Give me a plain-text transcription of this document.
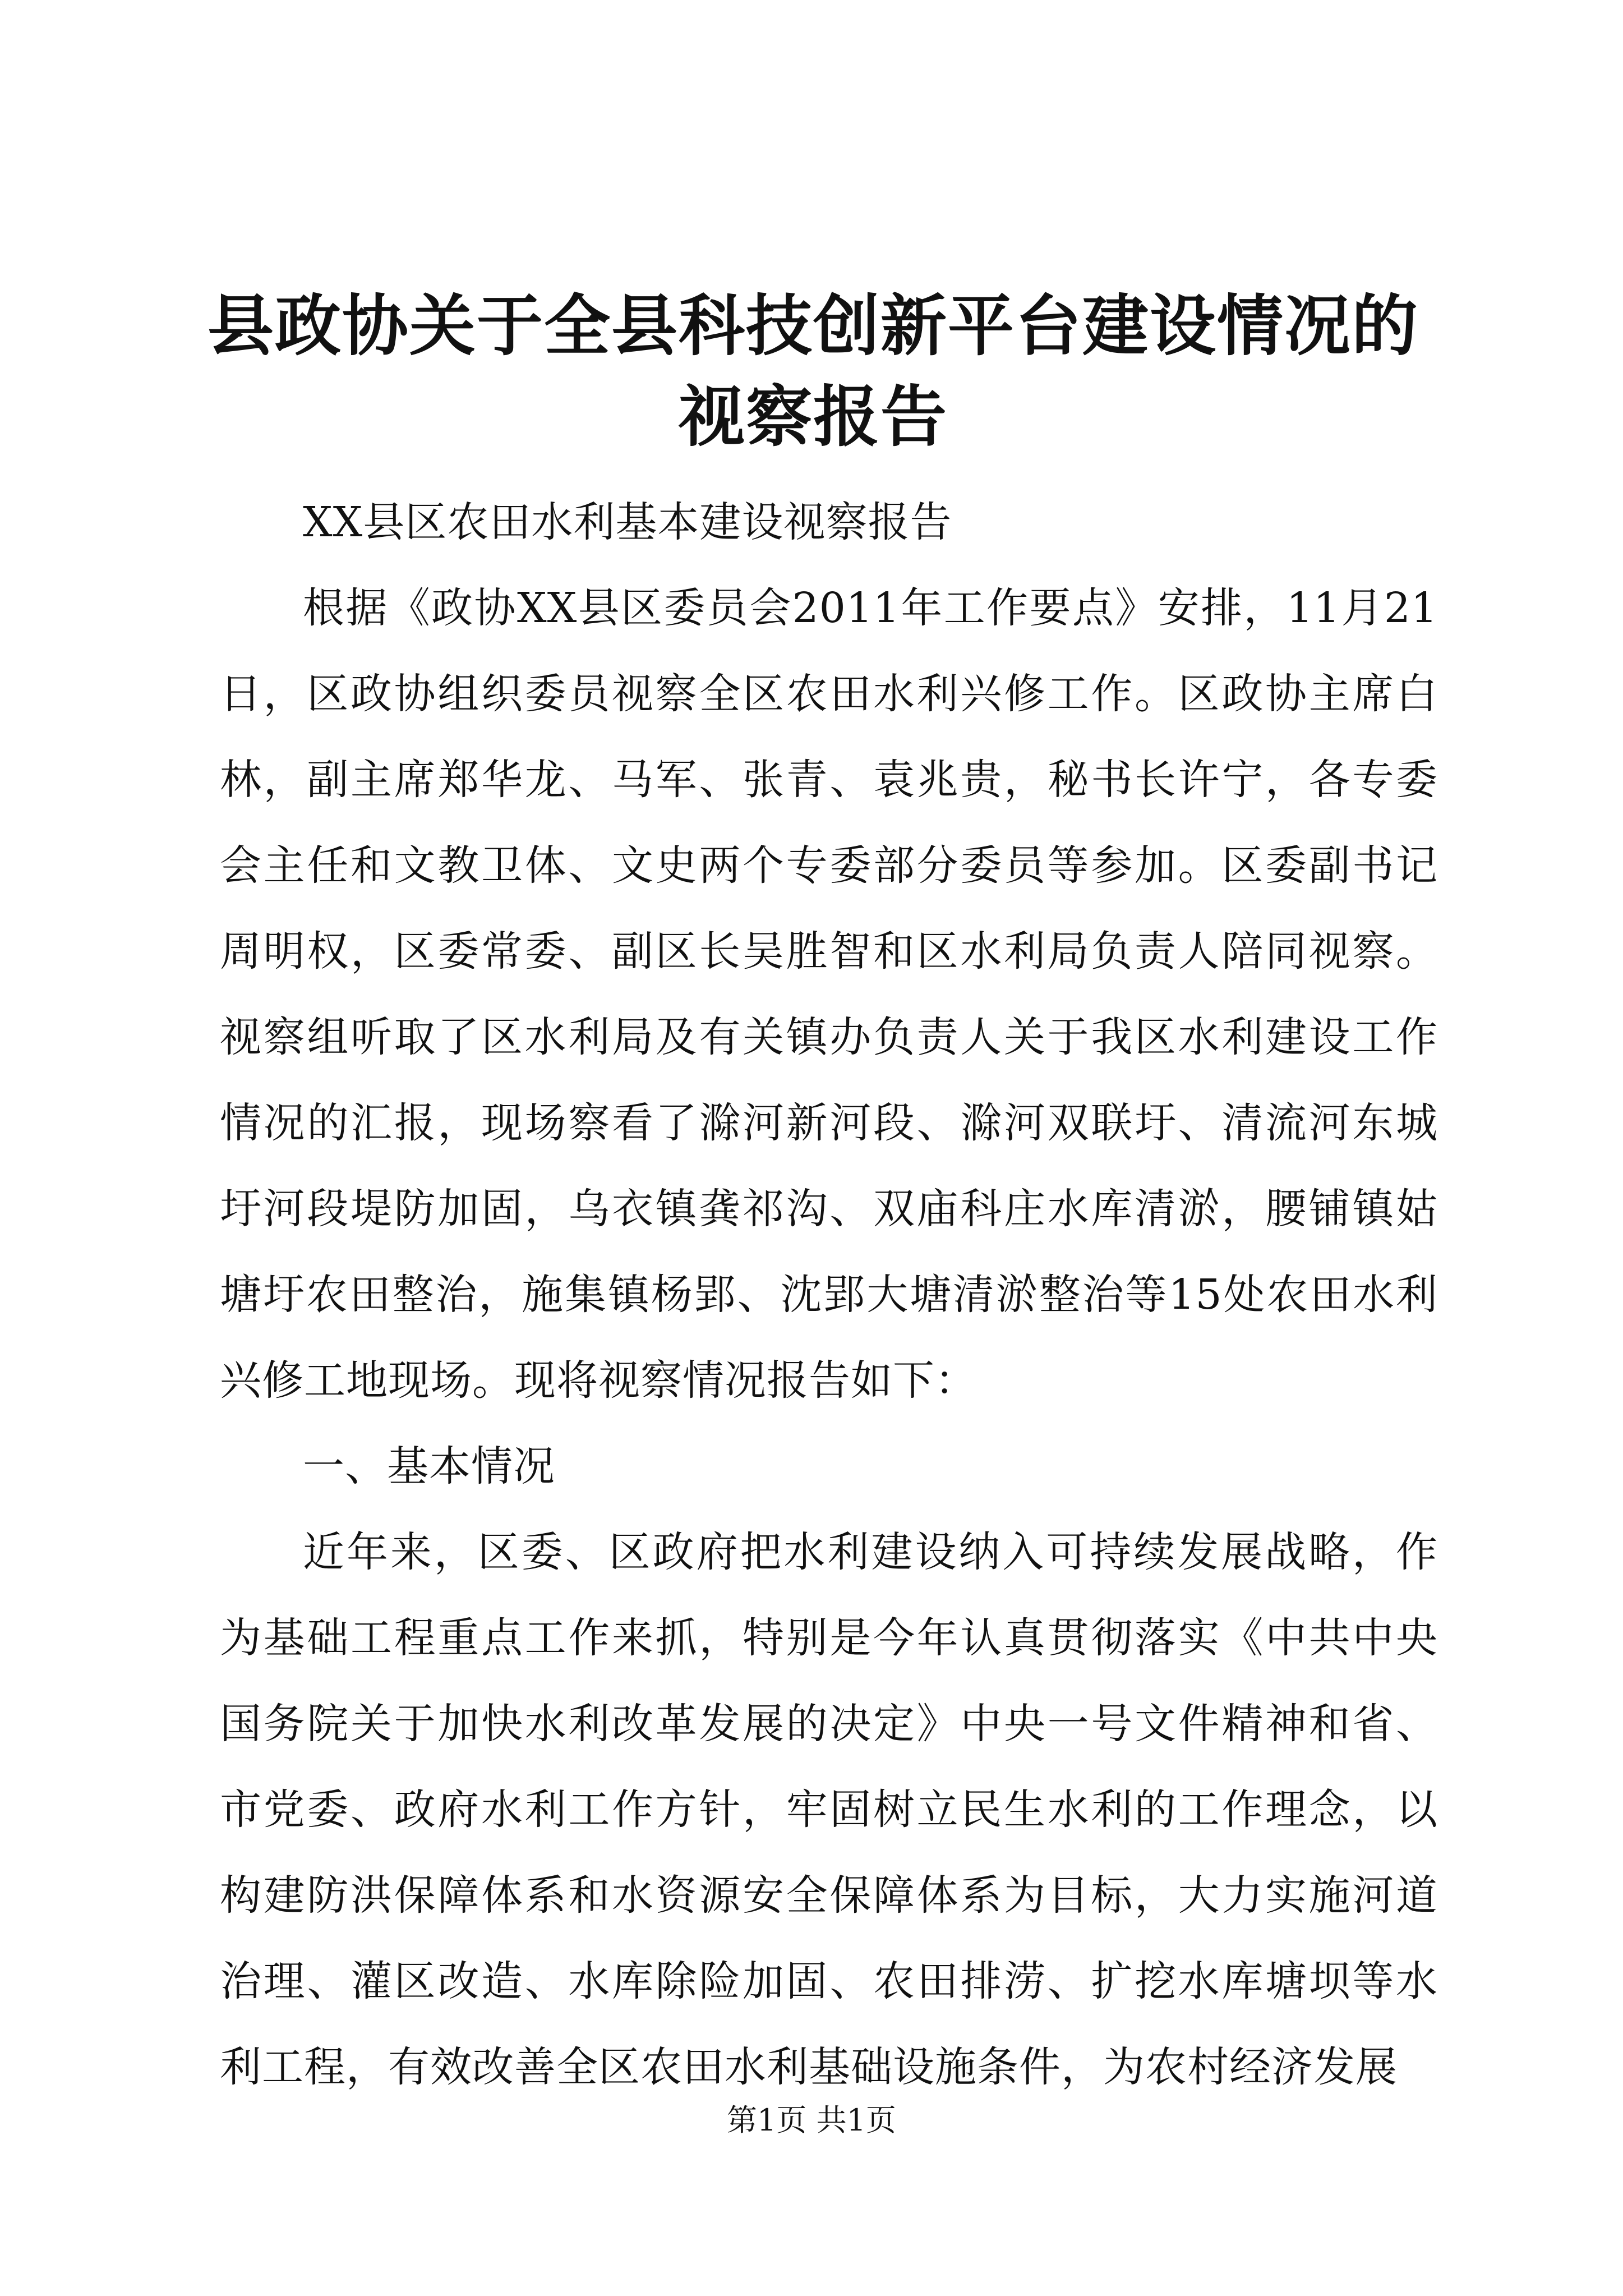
县政协关于全县科技创新平台建设情况的视察报告

XX县区农田水利基本建设视察报告

根据《政协XX县区委员会2011年工作要点》安排，11月21日，区政协组织委员视察全区农田水利兴修工作。区政协主席白林，副主席郑华龙、马军、张青、袁兆贵，秘书长许宁，各专委会主任和文教卫体、文史两个专委部分委员等参加。区委副书记周明权，区委常委、副区长吴胜智和区水利局负责人陪同视察。视察组听取了区水利局及有关镇办负责人关于我区水利建设工作情况的汇报，现场察看了滁河新河段、滁河双联圩、清流河东城圩河段堤防加固，乌衣镇龚祁沟、双庙科庄水库清淤，腰铺镇姑塘圩农田整治，施集镇杨郢、沈郢大塘清淤整治等15处农田水利兴修工地现场。现将视察情况报告如下：

一、基本情况

近年来，区委、区政府把水利建设纳入可持续发展战略，作为基础工程重点工作来抓，特别是今年认真贯彻落实《中共中央国务院关于加快水利改革发展的决定》中央一号文件精神和省、市党委、政府水利工作方针，牢固树立民生水利的工作理念，以构建防洪保障体系和水资源安全保障体系为目标，大力实施河道治理、灌区改造、水库除险加固、农田排涝、扩挖水库塘坝等水利工程，有效改善全区农田水利基础设施条件，为农村经济发展

第1页 共1页
